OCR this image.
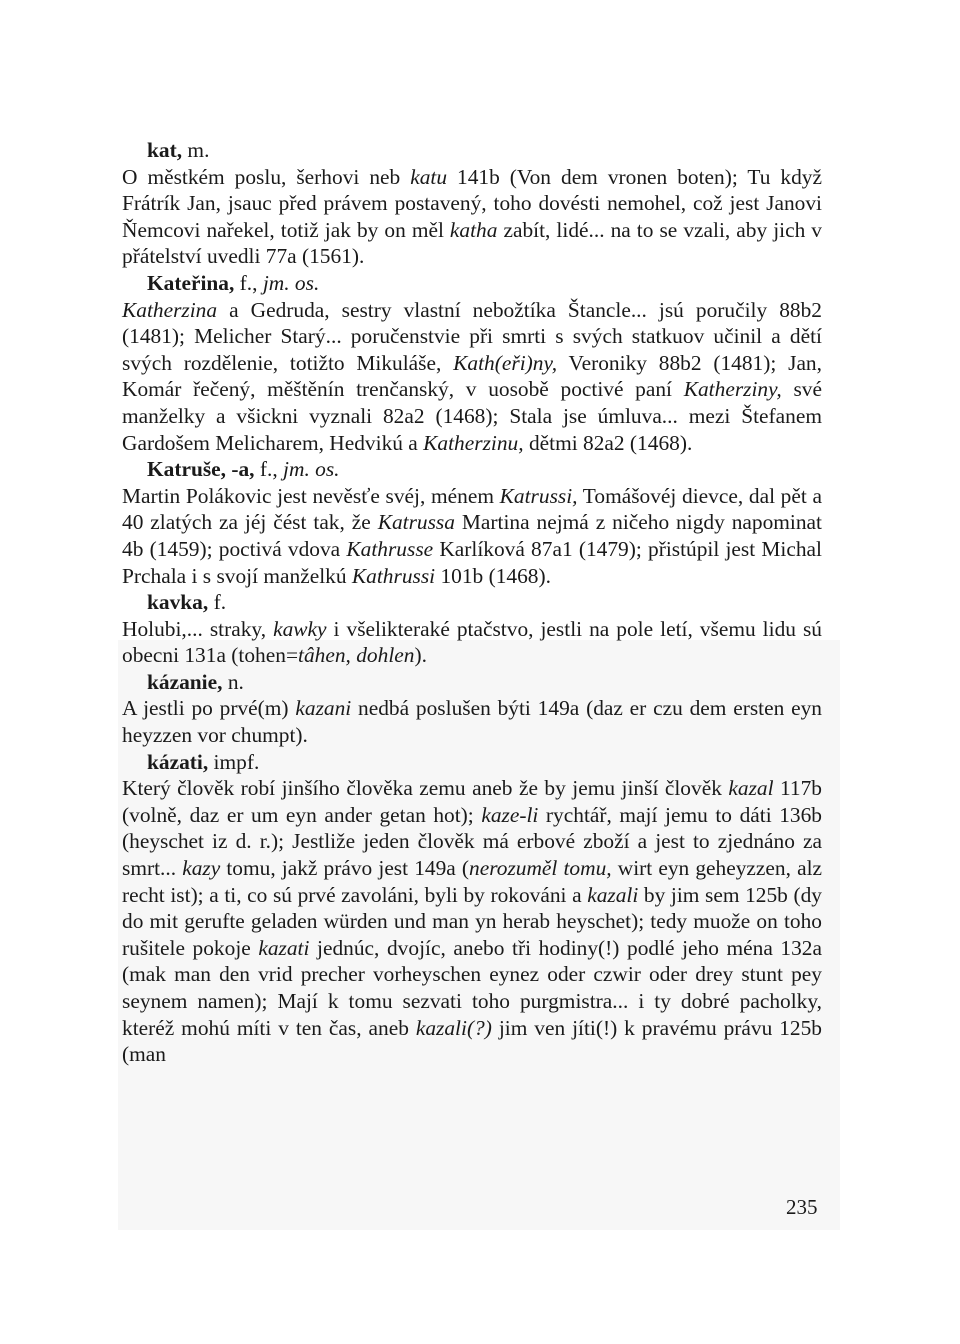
kat, m.

O městkém poslu, šerhovi neb katu 141b (Von dem vronen boten); Tu když Frátrík Jan, jsauc před právem postavený, toho dovésti nemohel, což jest Janovi Ňemcovi nařekel, totiž jak by on měl katha zabít, lidé... na to se vzali, aby jich v přátelství uvedli 77a (1561).

Kateřina, f., jm. os.

Katherzina a Gedruda, sestry vlastní nebožtíka Štancle... jsú poručily 88b2 (1481); Melicher Starý... poručenstvie při smrti s svých statkuov učinil a dětí svých rozdělenie, totižto Mikuláše, Kath(eři)ny, Veroniky 88b2 (1481); Jan, Komár řečený, měštěnín trenčanský, v uosobě poctivé paní Katherziny, své manželky a všickni vyznali 82a2 (1468); Stala jse úmluva... mezi Štefanem Gardošem Melicharem, Hedvikú a Katherzinu, dětmi 82a2 (1468).

Katruše, -a, f., jm. os.

Martin Polákovic jest nevěsťe svéj, ménem Katrussi, Tomášovéj dievce, dal pět a 40 zlatých za jéj čést tak, že Katrussa Martina nejmá z ničeho nigdy napominat 4b (1459); poctivá vdova Kathrusse Karlíková 87a1 (1479); přistúpil jest Michal Prchala i s svojí manželkú Kathrussi 101b (1468).

kavka, f.

Holubi,... straky, kawky i všelikteraké ptačstvo, jestli na pole letí, všemu lidu sú obecni 131a (tohen=tâhen, dohlen).

kázanie, n.

A jestli po prvé(m) kazani nedbá poslušen býti 149a (daz er czu dem ersten eyn heyzzen vor chumpt).

kázati, impf.

Který člověk robí jinšího člověka zemu aneb že by jemu jinší člověk kazal 117b (volně, daz er um eyn ander getan hot); kaze-li rychtář, mají jemu to dáti 136b (heyschet iz d. r.); Jestliže jeden člověk má erbové zboží a jest to zjednáno za smrt... kazy tomu, jakž právo jest 149a (nerozuměl tomu, wirt eyn geheyzzen, alz recht ist); a ti, co sú prvé zavoláni, byli by rokováni a kazali by jim sem 125b (dy do mit gerufte geladen würden und man yn herab heyschet); tedy muože on toho rušitele pokoje kazati jednúc, dvojíc, anebo tři hodiny(!) podlé jeho ména 132a (mak man den vrid precher vorheyschen eynez oder czwir oder drey stunt pey seynem namen); Mají k tomu sezvati toho purgmistra... i ty dobré pacholky, kteréž mohú míti v ten čas, aneb kazali(?) jim ven jíti(!) k pravému právu 125b (man

235
